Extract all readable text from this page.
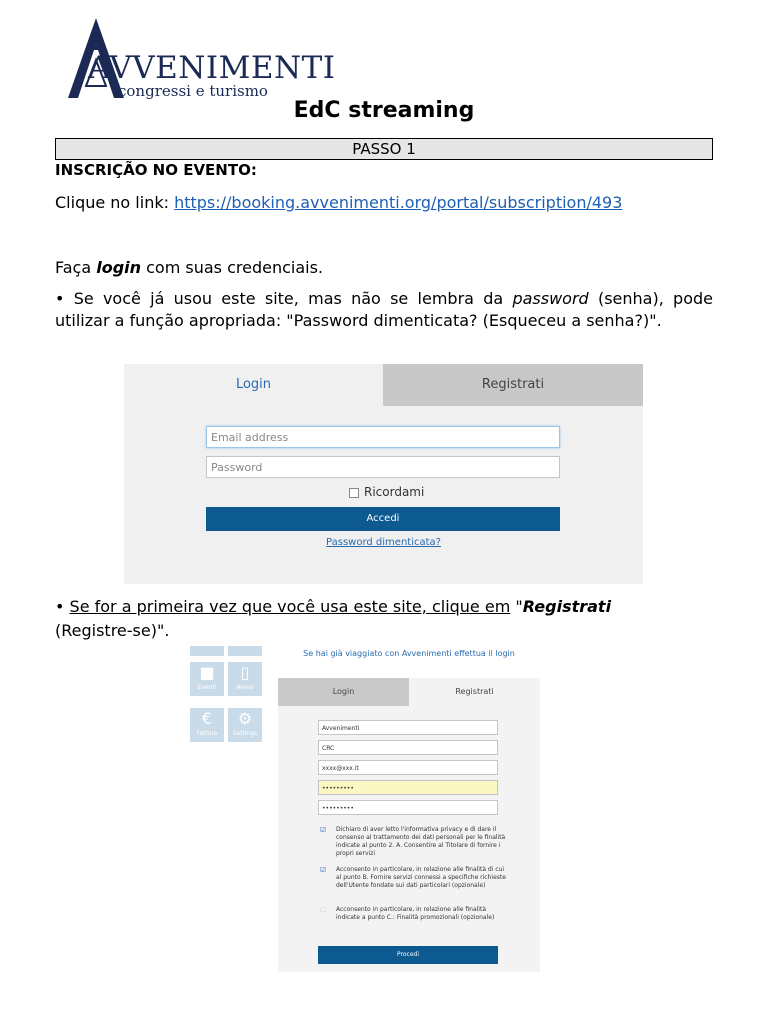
AVVENIMENTI
congressi e turismo
EdC streaming
PASSO 1
INSCRIÇÃO NO EVENTO:
Clique no link: https://booking.avvenimenti.org/portal/subscription/493
Faça login com suas credenciais.
• Se você já usou este site, mas não se lembra da password (senha), pode utilizar a função apropriada: "Password dimenticata? (Esqueceu a senha?)".
Login	Registrati
Email address
Password
Ricordami
Accedi
Password dimenticata?
• Se for a primeira vez que você usa este site, clique em "Registrati
(Registre-se)".
■
Eventi
▯
Avvisi
€
Fatture
⚙
Settings
Se hai già viaggiato con Avvenimenti effettua il login
Login	Registrati
Avvenimenti
CRC
xxxx@xxx.it
•••••••••
•••••••••
☑ Dichiaro di aver letto l'informativa privacy e di dare il consenso al trattamento dei dati personali per le finalità indicate al punto 2. A. Consentire al Titolare di fornire i propri servizi
☑ Acconsento in particolare, in relazione alle finalità di cui al punto B. Fornire servizi connessi a specifiche richieste dell'Utente fondate sui dati particolari (opzionale)
☐ Acconsento in particolare, in relazione alle finalità indicate a punto C.: Finalità promozionali (opzionale)
Procedi
